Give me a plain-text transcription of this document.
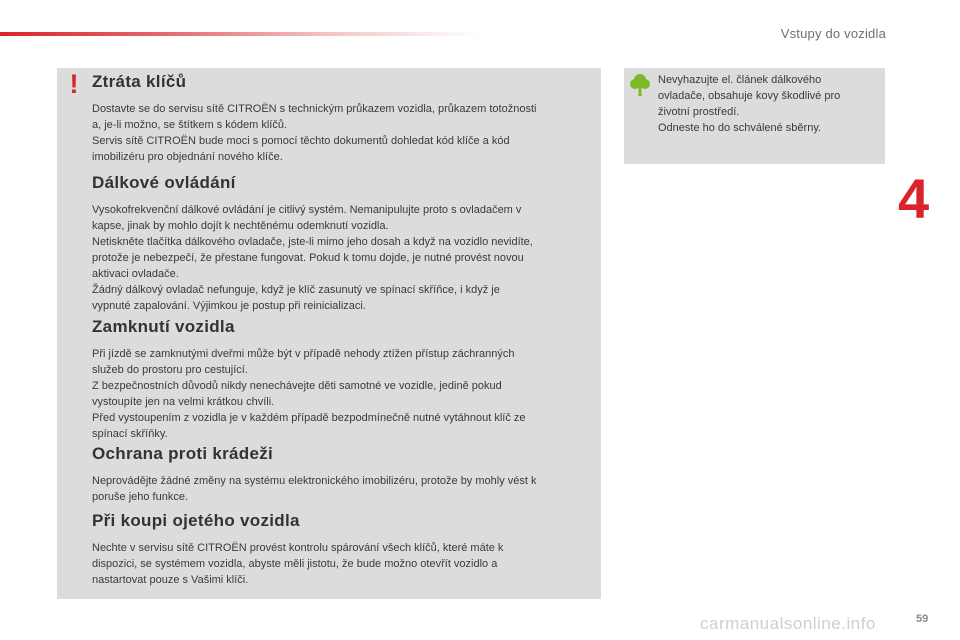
Vstupy do vozidla
4
! Ztráta klíčů

Dostavte se do servisu sítě CITROËN s technickým průkazem vozidla, průkazem totožnosti
a, je-li možno, se štítkem s kódem klíčů.
Servis sítě CITROËN bude moci s pomocí těchto dokumentů dohledat kód klíče a kód
imobilizéru pro objednání nového klíče.

Dálkové ovládání

Vysokofrekvenční dálkové ovládání je citlivý systém. Nemanipulujte proto s ovladačem v
kapse, jinak by mohlo dojít k nechtěnému odemknutí vozidla.
Netiskněte tlačítka dálkového ovladače, jste-li mimo jeho dosah a když na vozidlo nevidíte,
protože je nebezpečí, že přestane fungovat. Pokud k tomu dojde, je nutné provést novou
aktivaci ovladače.
Žádný dálkový ovladač nefunguje, když je klíč zasunutý ve spínací skříňce, i když je
vypnuté zapalování. Výjimkou je postup při reinicializaci.

Zamknutí vozidla

Při jízdě se zamknutými dveřmi může být v případě nehody ztížen přístup záchranných
služeb do prostoru pro cestující.
Z bezpečnostních důvodů nikdy nenechávejte děti samotné ve vozidle, jedině pokud
vystoupíte jen na velmi krátkou chvíli.
Před vystoupením z vozidla je v každém případě bezpodmínečně nutné vytáhnout klíč ze
spínací skříňky.

Ochrana proti krádeži

Neprovádějte žádné změny na systému elektronického imobilizéru, protože by mohly vést k
poruše jeho funkce.

Při koupi ojetého vozidla

Nechte v servisu sítě CITROËN provést kontrolu spárování všech klíčů, které máte k
dispozici, se systémem vozidla, abyste měli jistotu, že bude možno otevřít vozidlo a
nastartovat pouze s Vašimi klíči.

Nevyhazujte el. článek dálkového
ovladače, obsahuje kovy škodlivé pro
životní prostředí.
Odneste ho do schválené sběrny.

carmanualsonline.info	59
